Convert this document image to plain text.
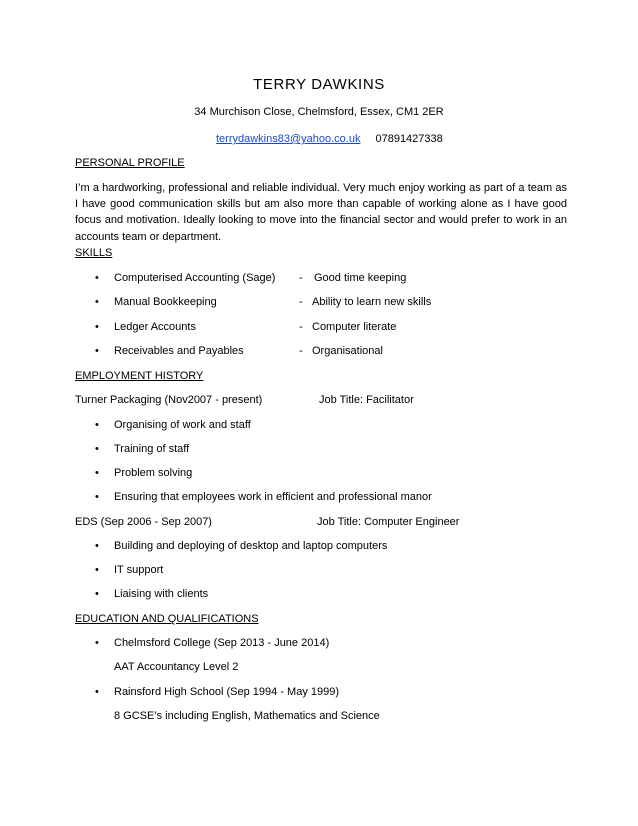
TERRY DAWKINS
34 Murchison Close, Chelmsford, Essex, CM1 2ER
terrydawkins83@yahoo.co.uk 07891427338
PERSONAL PROFILE
I’m a hardworking, professional and reliable individual. Very much enjoy working as part of a team as I have good communication skills but am also more than capable of working alone as I have good focus and motivation. Ideally looking to move into the financial sector and would prefer to work in an accounts team or department.
SKILLS
• Computerised Accounting (Sage) - Good time keeping
• Manual Bookkeeping	- Ability to learn new skills
• Ledger Accounts	- Computer literate
• Receivables and Payables	- Organisational
EMPLOYMENT HISTORY
Turner Packaging (Nov2007 - present)	Job Title: Facilitator
• Organising of work and staff
• Training of staff
• Problem solving
• Ensuring that employees work in efficient and professional manor
EDS (Sep 2006 - Sep 2007)	Job Title: Computer Engineer
• Building and deploying of desktop and laptop computers
• IT support
• Liaising with clients
EDUCATION AND QUALIFICATIONS
• Chelmsford College (Sep 2013 - June 2014)
AAT Accountancy Level 2
• Rainsford High School (Sep 1994 - May 1999)
8 GCSE’s including English, Mathematics and Science
